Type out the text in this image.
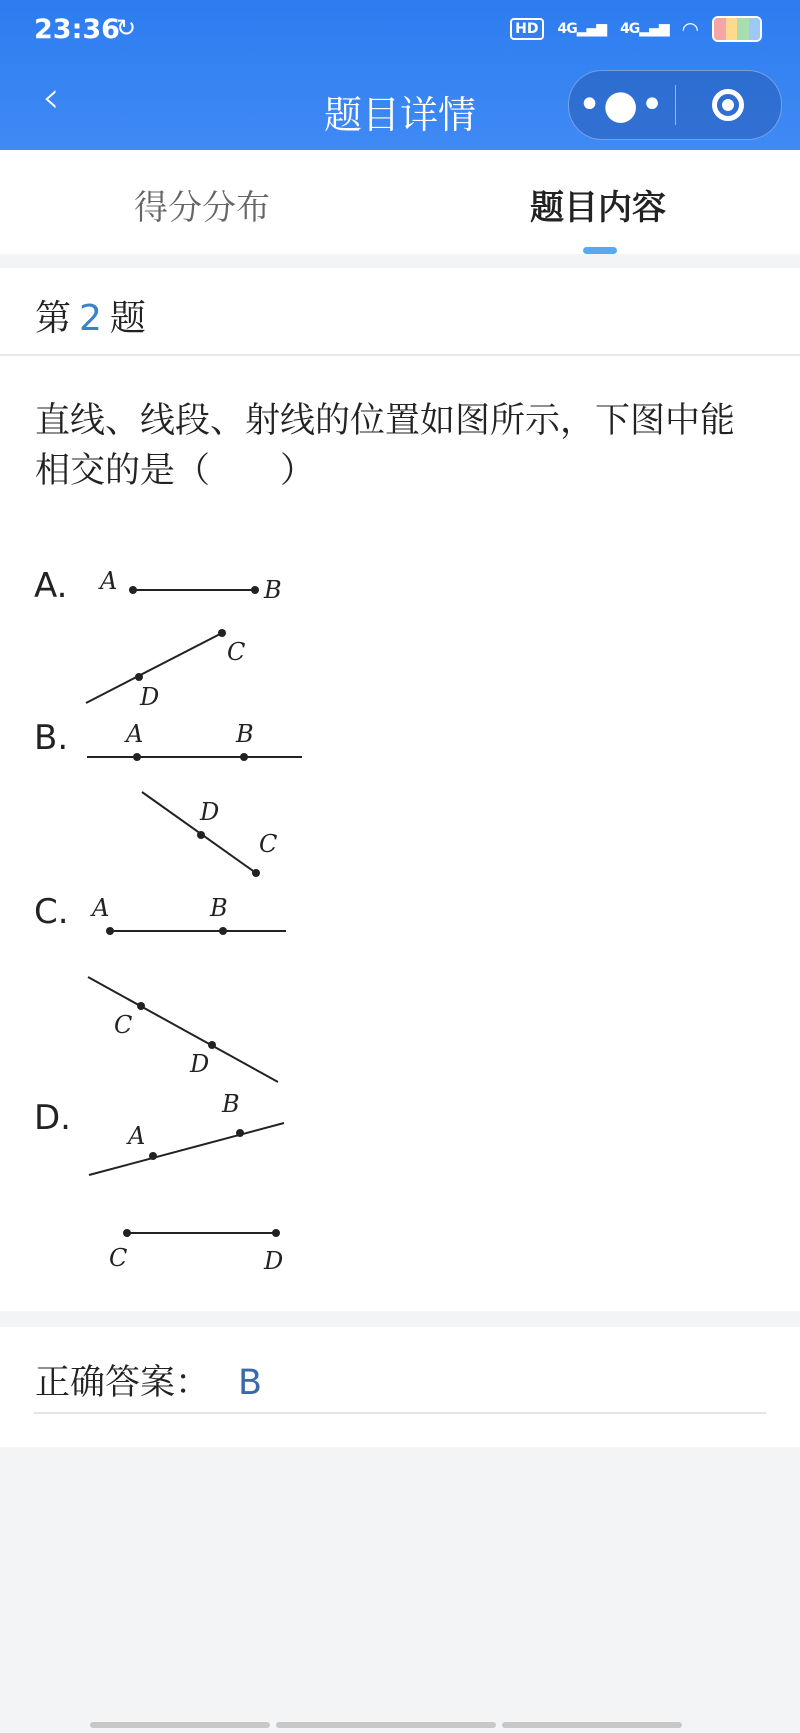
23:36
↻	HD	4G▂▄▆ 4G▂▄▆ ◠
‹	题目详情	•●•
得分分布	题目内容
第 2 题
直线、线段、射线的位置如图所示，下图中能相交的是（　　）
A.
B.
C.
D.
A	B
C
D
A	B
D
C
A	B
C
D
A
B
C	D
正确答案： B
